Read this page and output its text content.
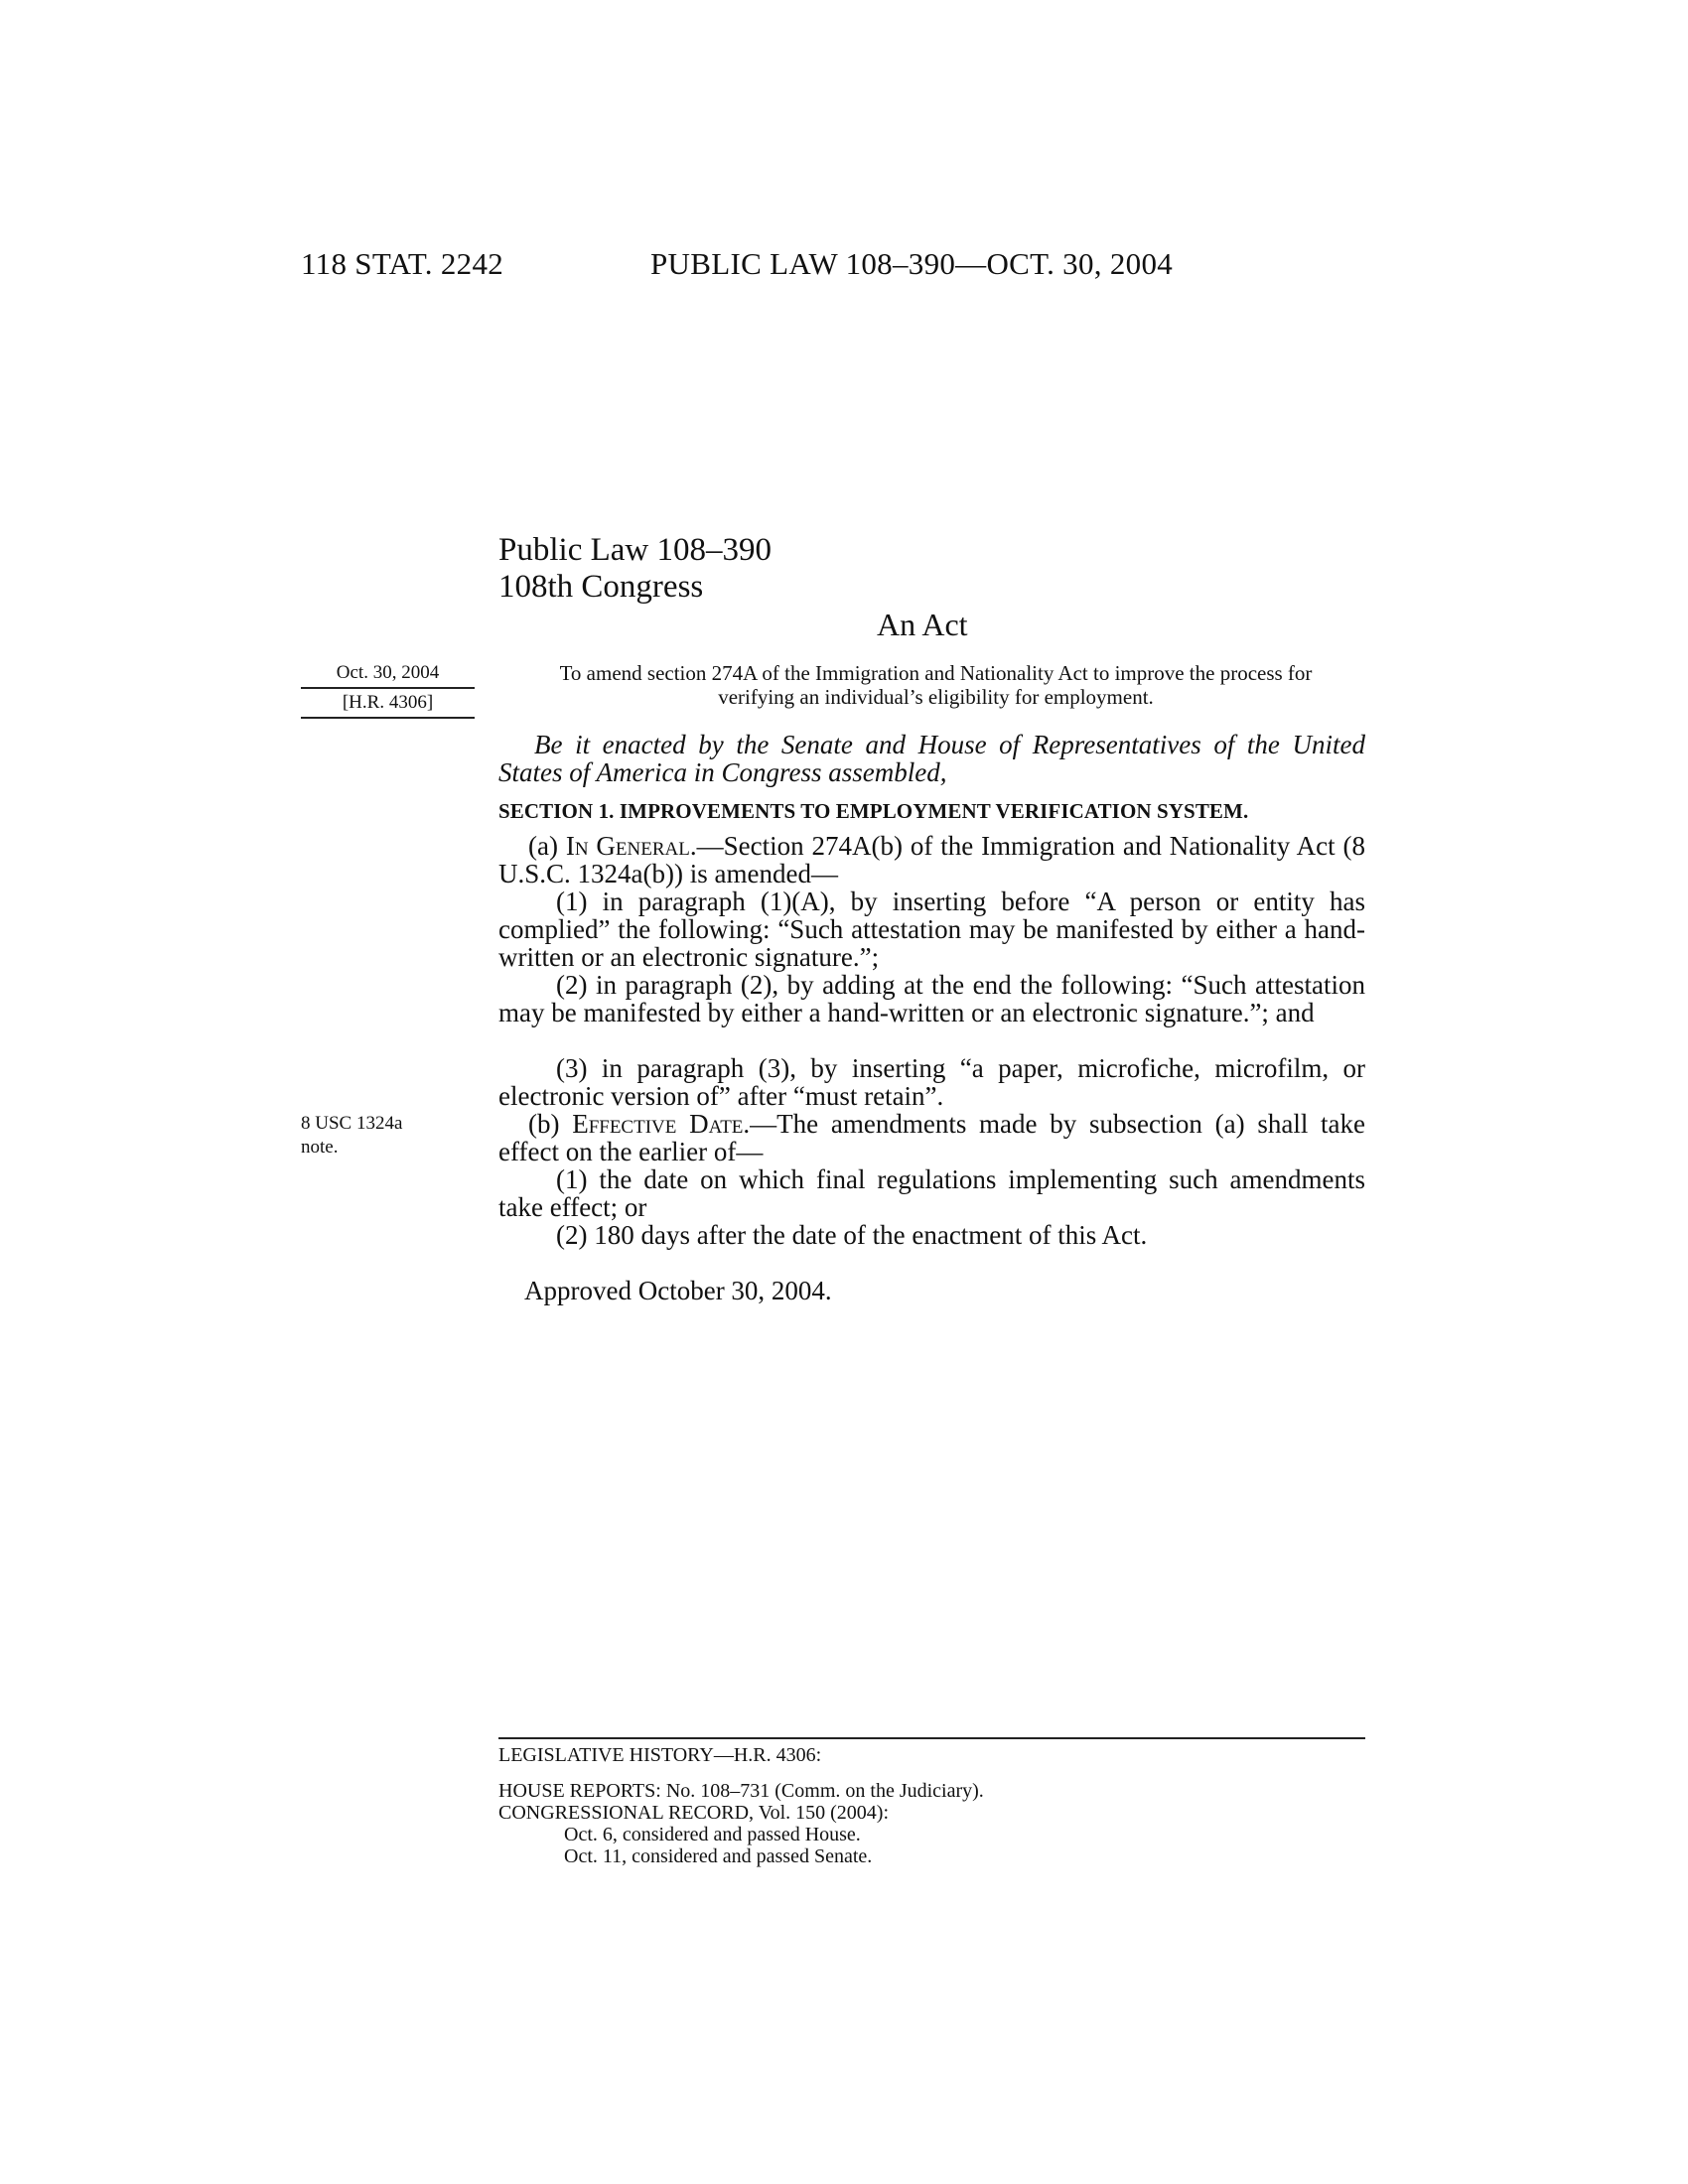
118 STAT. 2242	PUBLIC LAW 108–390—OCT. 30, 2004
Public Law 108–390
108th Congress
An Act
Oct. 30, 2004
[H.R. 4306]
To amend section 274A of the Immigration and Nationality Act to improve the process for verifying an individual’s eligibility for employment.
Be it enacted by the Senate and House of Representatives of the United States of America in Congress assembled,
SECTION 1. IMPROVEMENTS TO EMPLOYMENT VERIFICATION SYSTEM.
(a) In General.—Section 274A(b) of the Immigration and Nationality Act (8 U.S.C. 1324a(b)) is amended—
(1) in paragraph (1)(A), by inserting before “A person or entity has complied” the following: “Such attestation may be manifested by either a hand-written or an electronic signature.”;
(2) in paragraph (2), by adding at the end the following: “Such attestation may be manifested by either a hand-written or an electronic signature.”; and
(3) in paragraph (3), by inserting “a paper, microfiche, microfilm, or electronic version of” after “must retain”.
8 USC 1324a
note.
(b) Effective Date.—The amendments made by subsection (a) shall take effect on the earlier of—
(1) the date on which final regulations implementing such amendments take effect; or
(2) 180 days after the date of the enactment of this Act.
Approved October 30, 2004.
LEGISLATIVE HISTORY—H.R. 4306:
HOUSE REPORTS: No. 108–731 (Comm. on the Judiciary).
CONGRESSIONAL RECORD, Vol. 150 (2004):
Oct. 6, considered and passed House.
Oct. 11, considered and passed Senate.
